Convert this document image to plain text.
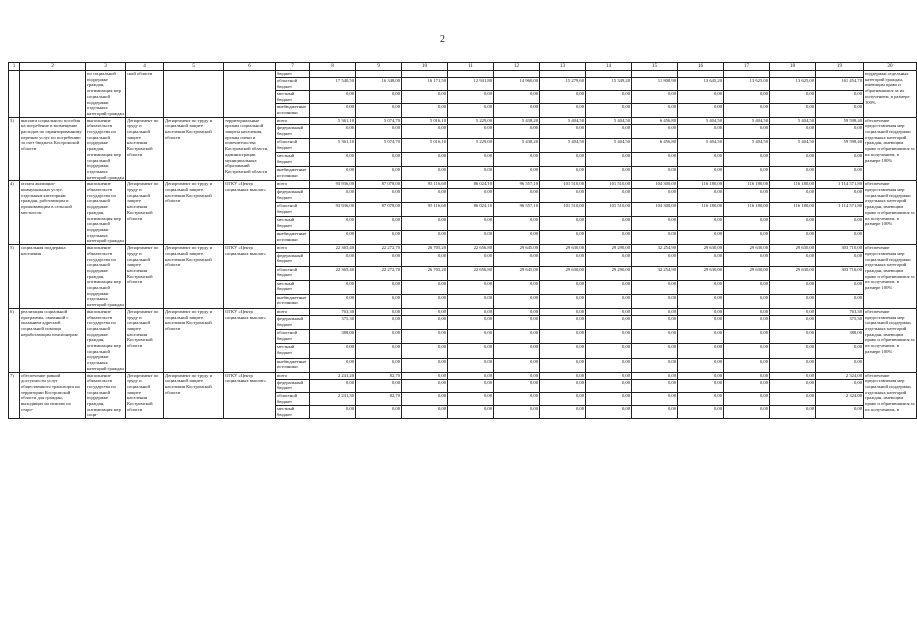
2
1	2	3	4	5	6	7	8	9	10	11	12	13	14	15	16	17	18	19	20
		по социальной поддержке граждан, оптимизация мер социальной поддержки отдельных категорий граждан	ской области			бюджет													поддержки отдельных категорий граждан, имеющим право и обратившимся за их получением, в размере 100%
						областной бюджет	17 540,50	16 348,00	16 171,50	12 941,80	14 960,00	15 279,60	15 349,20	11 808,90	13 645,20	13 625,00	13 625,00	161 454,70	
						местный бюджет	0,00	0,00	0,00	0,00	0,00	0,00	0,00	0,00	0,00	0,00	0,00	0,00	
						внебюджетные источники	0,00	0,00	0,00	0,00	0,00	0,00	0,00	0,00	0,00	0,00	0,00	0,00	
3)	выплата социального пособия на погребение и возмещение расходов по гарантированному перечню услуг по погребению за счет бюджета Костромской области	выполнение обязательств государства по социальной поддержке граждан, оптимизация мер социальной поддержки отдельных категорий граждан	Департамент по труду и социальной защите населения Костромской области	Департамент по труду и социальной защите населения Костромской области	территориальные органы социальной защиты населения, органы опеки и попечительства Костромской области, администрации муниципальных образований Костромской области	всего	5 361,10	5 074,70	5 016,10	5 229,00	5 438,20	5 404,50	5 404,50	6 456,80	5 404,50	5 404,50	5 404,50	59 598,40	обеспечение предоставления мер социальной поддержки отдельных категорий граждан, имеющим право и обратившимся за их получением, в размере 100%
						федеральный бюджет	0,00	0,00	0,00	0,00	0,00	0,00	0,00	0,00	0,00	0,00	0,00	0,00	
						областной бюджет	5 361,10	5 074,70	5 016,10	5 229,00	5 438,20	5 404,50	5 404,50	6 456,80	5 404,50	5 404,50	5 404,50	59 598,40	
						местный бюджет	0,00	0,00	0,00	0,00	0,00	0,00	0,00	0,00	0,00	0,00	0,00	0,00	
						внебюджетные источники	0,00	0,00	0,00	0,00	0,00	0,00	0,00	0,00	0,00	0,00	0,00	0,00	
4)	оплата жилищно-коммунальных услуг, отдельным категориям граждан, работающим и проживающим в сельской местности	выполнение обязательств государства по социальной поддержке граждан, оптимизация мер социальной поддержки отдельных категорий граждан	Департамент по труду и социальной защите населения Костромской области	Департамент по труду и социальной защите населения Костромской области	ОГКУ «Центр социальных выплат»	всего	93 936,00	87 078,00	95 116,60	86 024,10	96 557,10	101 510,00	101 510,00	104 300,00	116 180,00	116 180,00	116 180,00	1 114 571,80	обеспечение предоставления мер социальной поддержки отдельных категорий граждан, имеющим право и обратившимся за их получением, в размере 100%
						федеральный бюджет	0,00	0,00	0,00	0,00	0,00	0,00	0,00	0,00	0,00	0,00	0,00	0,00	
						областной бюджет	93 936,00	87 078,00	95 116,60	86 024,10	96 557,10	101 510,00	101 510,00	104 300,00	116 180,00	116 180,00	116 180,00	1 114 571,80	
						местный бюджет	0,00	0,00	0,00	0,00	0,00	0,00	0,00	0,00	0,00	0,00	0,00	0,00	
						внебюджетные источники	0,00	0,00	0,00	0,00	0,00	0,00	0,00	0,00	0,00	0,00	0,00	0,00	
5)	социальная поддержка населения	выполнение обязательств государства по социальной поддержке граждан, оптимизация мер социальной поддержки отдельных категорий граждан	Департамент по труду и социальной защите населения Костромской области	Департамент по труду и социальной защите населения Костромской области	ОГКУ «Центр социальных выплат»	всего	22 365,40	22 272,70	26 705,20	22 656,80	29 645,00	29 630,00	29 290,00	32 254,90	29 630,00	29 630,00	29 630,00	303 710,00	обеспечение предоставления мер социальной поддержки отдельных категорий граждан, имеющим право и обратившимся за их получением, в размере 100%
						федеральный бюджет	0,00	0,00	0,00	0,00	0,00	0,00	0,00	0,00	0,00	0,00	0,00	0,00	
						областной бюджет	22 365,40	22 272,70	26 705,20	22 656,80	29 645,00	29 630,00	29 290,00	32 254,90	29 630,00	29 630,00	29 630,00	303 710,00	
						местный бюджет	0,00	0,00	0,00	0,00	0,00	0,00	0,00	0,00	0,00	0,00	0,00	0,00	
						внебюджетные источники	0,00	0,00	0,00	0,00	0,00	0,00	0,00	0,00	0,00	0,00	0,00	0,00	
6)	реализация социальной программы, связанной с оказанием адресной социальной помощи неработающим пенсионерам	выполнение обязательств государства по социальной поддержке граждан, оптимизация мер социальной поддержки отдельных категорий граждан	Департамент по труду и социальной защите населения Костромской области	Департамент по труду и социальной защите населения Костромской области	ОГКУ «Центр социальных выплат»	всего	763,30	0,00	0,00	0,00	0,00	0,00	0,00	0,00	0,00	0,00	0,00	763,30	обеспечение предоставления мер социальной поддержки отдельных категорий граждан, имеющим право и обратившимся за их получением, в размере 100%
						федеральный бюджет	375,30	0,00	0,00	0,00	0,00	0,00	0,00	0,00	0,00	0,00	0,00	375,30	
						областной бюджет	388,00	0,00	0,00	0,00	0,00	0,00	0,00	0,00	0,00	0,00	0,00	388,00	
						местный бюджет	0,00	0,00	0,00	0,00	0,00	0,00	0,00	0,00	0,00	0,00	0,00	0,00	
						внебюджетные источники	0,00	0,00	0,00	0,00	0,00	0,00	0,00	0,00	0,00	0,00	0,00	0,00	
7)	обеспечение равной доступности услуг общественного транспорта на территории Костромской области для граждан, выходящих на пенсию по старо-	выполнение обязательств государства по социальной поддержке граждан, оптимизация мер соци-	Департамент по труду и социальной защите населения Костромской области	Департамент по труду и социальной защите населения Костромской области	ОГКУ «Центр социальных выплат»	всего	2 241,20	82,70	0,00	0,00	0,00	0,00	0,00	0,00	0,00	0,00	0,00	2 324,00	обеспечение предоставления мер социальной поддержки отдельных категорий граждан, имеющим право и обратившимся за их получением, в
						федеральный бюджет	0,00	0,00	0,00	0,00	0,00	0,00	0,00	0,00	0,00	0,00	0,00	0,00	
						областной бюджет	2 241,30	82,70	0,00	0,00	0,00	0,00	0,00	0,00	0,00	0,00	0,00	2 324,00	
						местный бюджет	0,00	0,00	0,00	0,00	0,00	0,00	0,00	0,00	0,00	0,00	0,00	0,00	
